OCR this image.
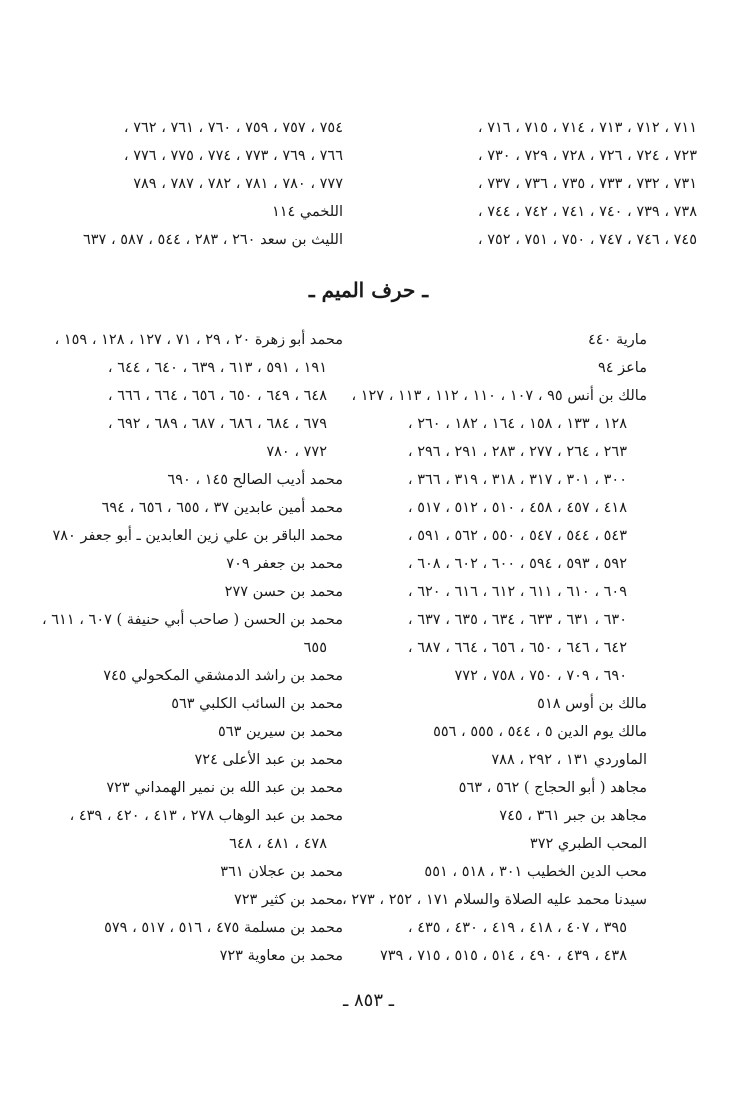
٧١١ ، ٧١٢ ، ٧١٣ ، ٧١٤ ، ٧١٥ ، ٧١٦ ،
٧٢٣ ، ٧٢٤ ، ٧٢٦ ، ٧٢٨ ، ٧٢٩ ، ٧٣٠ ،
٧٣١ ، ٧٣٢ ، ٧٣٣ ، ٧٣٥ ، ٧٣٦ ، ٧٣٧ ،
٧٣٨ ، ٧٣٩ ، ٧٤٠ ، ٧٤١ ، ٧٤٢ ، ٧٤٤ ،
٧٤٥ ، ٧٤٦ ، ٧٤٧ ، ٧٥٠ ، ٧٥١ ، ٧٥٢ ،
٧٥٤ ، ٧٥٧ ، ٧٥٩ ، ٧٦٠ ، ٧٦١ ، ٧٦٢ ،
٧٦٦ ، ٧٦٩ ، ٧٧٣ ، ٧٧٤ ، ٧٧٥ ، ٧٧٦ ،
٧٧٧ ، ٧٨٠ ، ٧٨١ ، ٧٨٢ ، ٧٨٧ ، ٧٨٩
اللخمي ١١٤
الليث بن سعد ٢٦٠ ، ٢٨٣ ، ٥٤٤ ، ٥٨٧ ، ٦٣٧
ـ حرف الميم ـ
مارية ٤٤٠
ماعز ٩٤
مالك بن أنس ٩٥ ، ١٠٧ ، ١١٠ ، ١١٢ ، ١١٣ ، ١٢٧ ،
١٢٨ ، ١٣٣ ، ١٥٨ ، ١٦٤ ، ١٨٢ ، ٢٦٠ ،
٢٦٣ ، ٢٦٤ ، ٢٧٧ ، ٢٨٣ ، ٢٩١ ، ٢٩٦ ،
٣٠٠ ، ٣٠١ ، ٣١٧ ، ٣١٨ ، ٣١٩ ، ٣٦٦ ،
٤١٨ ، ٤٥٧ ، ٤٥٨ ، ٥١٠ ، ٥١٢ ، ٥١٧ ،
٥٤٣ ، ٥٤٤ ، ٥٤٧ ، ٥٥٠ ، ٥٦٢ ، ٥٩١ ،
٥٩٢ ، ٥٩٣ ، ٥٩٤ ، ٦٠٠ ، ٦٠٢ ، ٦٠٨ ،
٦٠٩ ، ٦١٠ ، ٦١١ ، ٦١٢ ، ٦١٦ ، ٦٢٠ ،
٦٣٠ ، ٦٣١ ، ٦٣٣ ، ٦٣٤ ، ٦٣٥ ، ٦٣٧ ،
٦٤٢ ، ٦٤٦ ، ٦٥٠ ، ٦٥٦ ، ٦٦٤ ، ٦٨٧ ،
٦٩٠ ، ٧٠٩ ، ٧٥٠ ، ٧٥٨ ، ٧٧٢
مالك بن أوس ٥١٨
مالك يوم الدين ٥ ، ٥٤٤ ، ٥٥٥ ، ٥٥٦
الماوردي ١٣١ ، ٢٩٢ ، ٧٨٨
مجاهد ( أبو الحجاج ) ٥٦٢ ، ٥٦٣
مجاهد بن جبر ٣٦١ ، ٧٤٥
المحب الطبري ٣٧٢
محب الدين الخطيب ٣٠١ ، ٥١٨ ، ٥٥١
سيدنا محمد عليه الصلاة والسلام ١٧١ ، ٢٥٢ ، ٢٧٣ ،
٣٩٥ ، ٤٠٧ ، ٤١٨ ، ٤١٩ ، ٤٣٠ ، ٤٣٥ ،
٤٣٨ ، ٤٣٩ ، ٤٩٠ ، ٥١٤ ، ٥١٥ ، ٧١٥ ، ٧٣٩
محمد أبو زهرة ٢٠ ، ٢٩ ، ٧١ ، ١٢٧ ، ١٢٨ ، ١٥٩ ،
١٩١ ، ٥٩١ ، ٦١٣ ، ٦٣٩ ، ٦٤٠ ، ٦٤٤ ،
٦٤٨ ، ٦٤٩ ، ٦٥٠ ، ٦٥٦ ، ٦٦٤ ، ٦٦٦ ،
٦٧٩ ، ٦٨٤ ، ٦٨٦ ، ٦٨٧ ، ٦٨٩ ، ٦٩٢ ،
٧٧٢ ، ٧٨٠
محمد أديب الصالح ١٤٥ ، ٦٩٠
محمد أمين عابدين ٣٧ ، ٦٥٥ ، ٦٥٦ ، ٦٩٤
محمد الباقر بن علي زين العابدين ـ أبو جعفر ٧٨٠
محمد بن جعفر ٧٠٩
محمد بن حسن ٢٧٧
محمد بن الحسن ( صاحب أبي حنيفة ) ٦٠٧ ، ٦١١ ،
٦٥٥
محمد بن راشد الدمشقي المكحولي ٧٤٥
محمد بن السائب الكلبي ٥٦٣
محمد بن سيرين ٥٦٣
محمد بن عبد الأعلى ٧٢٤
محمد بن عبد الله بن نمير الهمداني ٧٢٣
محمد بن عبد الوهاب ٢٧٨ ، ٤١٣ ، ٤٢٠ ، ٤٣٩ ،
٤٧٨ ، ٤٨١ ، ٦٤٨
محمد بن عجلان ٣٦١
محمد بن كثير ٧٢٣
محمد بن مسلمة ٤٧٥ ، ٥١٦ ، ٥١٧ ، ٥٧٩
محمد بن معاوية ٧٢٣
ـ ٨٥٣ ـ
